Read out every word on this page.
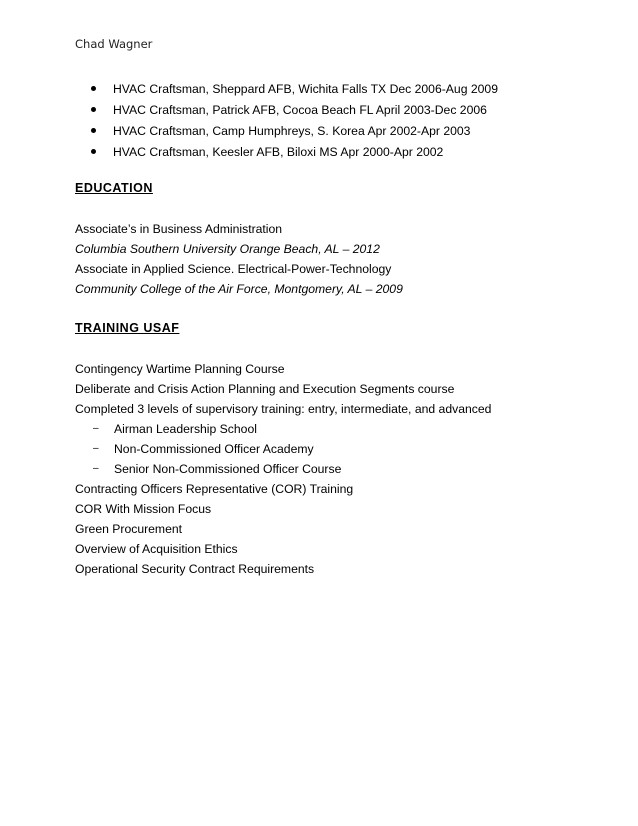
Chad Wagner
HVAC Craftsman, Sheppard AFB, Wichita Falls TX Dec 2006-Aug 2009
HVAC Craftsman, Patrick AFB, Cocoa Beach FL April 2003-Dec 2006
HVAC Craftsman, Camp Humphreys, S. Korea Apr 2002-Apr 2003
HVAC Craftsman, Keesler AFB, Biloxi MS Apr 2000-Apr 2002
EDUCATION
Associate’s in Business Administration
Columbia Southern University Orange Beach, AL – 2012
Associate in Applied Science. Electrical-Power-Technology
Community College of the Air Force, Montgomery, AL – 2009
TRAINING USAF
Contingency Wartime Planning Course
Deliberate and Crisis Action Planning and Execution Segments course
Completed 3 levels of supervisory training: entry, intermediate, and advanced
– Airman Leadership School
– Non-Commissioned Officer Academy
– Senior Non-Commissioned Officer Course
Contracting Officers Representative (COR) Training
COR With Mission Focus
Green Procurement
Overview of Acquisition Ethics
Operational Security Contract Requirements
